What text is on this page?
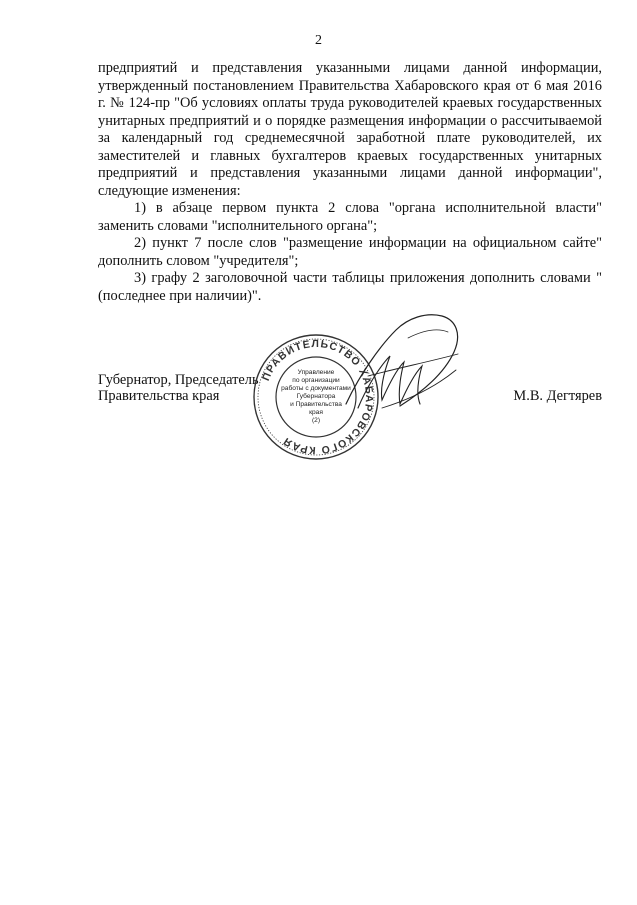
2

предприятий и представления указанными лицами данной информации, утвержденный постановлением Правительства Хабаровского края от 6 мая 2016 г. № 124-пр "Об условиях оплаты труда руководителей краевых государственных унитарных предприятий и о порядке размещения информации о рассчитываемой за календарный год среднемесячной заработной плате руководителей, их заместителей и главных бухгалтеров краевых государственных унитарных предприятий и представления указанными лицами данной информации", следующие изменения:

1) в абзаце первом пункта 2 слова "органа исполнительной власти" заменить словами "исполнительного органа";

2) пункт 7 после слов "размещение информации на официальном сайте" дополнить словом "учредителя";

3) графу 2 заголовочной части таблицы приложения дополнить словами "(последнее при наличии)".

Губернатор, Председатель
Правительства края	М.В. Дегтярев
ПРАВИТЕЛЬСТВО ХАБАРОВСКОГО КРАЯ
Управление
по организации
работы с документами
Губернатора
и Правительства
края
(2)
